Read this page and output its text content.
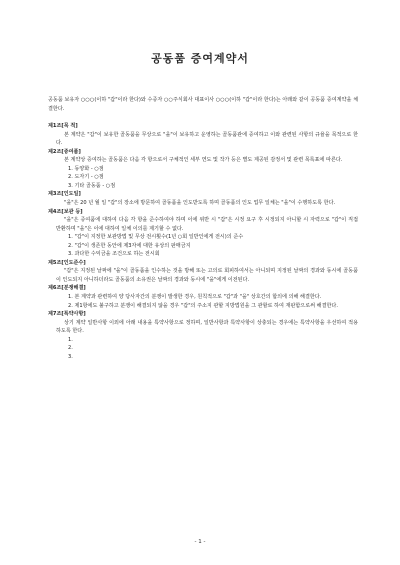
공동품 증여계약서

공동품 보유자 ○○○(이하 "갑"이라 한다)와 수증자 ○○주식회사 대표이사 ○○○(이하 "갑"이라 한다)는 아래와 같이 공동품 증여계약을 체결한다.

제1조[목 적]

본 계약은 "갑"이 보유한 골동품을 무상으로 "을"이 보유하고 운영하는 골동품관에 증여하고 이와 관련된 사항의 규율을 목적으로 한다.

제2조[증여품]

본 계약상 증여하는 골동품은 다음 각 항으로서 구체적인 세부 연도 및 작가 등은 별도 제공된 감정서 및 관련 목록표에 따른다.

1. 동양화 - ○점
2. 도자기 - ○점
3. 기타 골동품 - ○점

제3조[인도일]

"을"은 20 년 월 일 "갑"의 장소에 방문하여 골동품을 인도받도록 하며 골동품의 인도 업무 일체는 "을"이 수행하도록 한다.

제4조[보관 등]

"을"은 증여품에 대하여 다음 각 항을 준수하여야 하며 이에 위반 시 "갑"은 시정 요구 후 시정되지 아니할 시 자력으로 "갑"이 직접 반환하며 "을"은 이에 대하여 일체 이의를 제기할 수 없다.

1. "갑"이 지정한 보관방법 및 무상 전시횟수(1년 ○회 일반인에게 전시)의 준수
2. "갑"이 생존한 동안에 제3자에 대한 유상의 판매금지
3. 과다한 수익금을 조건으로 하는 전시회

제5조[인도준수]

"갑"은 지정된 날짜에 "을"이 골동품을 인수하는 것을 방해 또는 고의로 회피하여서는 아니되며 지정된 날짜의 경과와 동시에 골동품이 인도되지 아니하더라도 골동품의 소유권은 날짜의 경과와 동시에 "을"에게 이전된다.

제6조[분쟁해결]

1. 본 계약과 관련하여 양 당사자간의 분쟁이 발생한 경우, 원칙적으로 "갑"과 "을" 상호간의 합의에 의해 해결한다.
2. 제1항에도 불구하고 분쟁이 해결되지 않을 경우 "갑"의 주소지 관할 지방법원을 그 관할로 하여 재판함으로써 해결한다.

제7조[특약사항]

상기 계약 일반사항 이외에 아래 내용을 특약사항으로 정하며, 일반사항과 특약사항이 상충되는 경우에는 특약사항을 우선하여 적용하도록 한다.

1.
2.
3.
- 1 -
